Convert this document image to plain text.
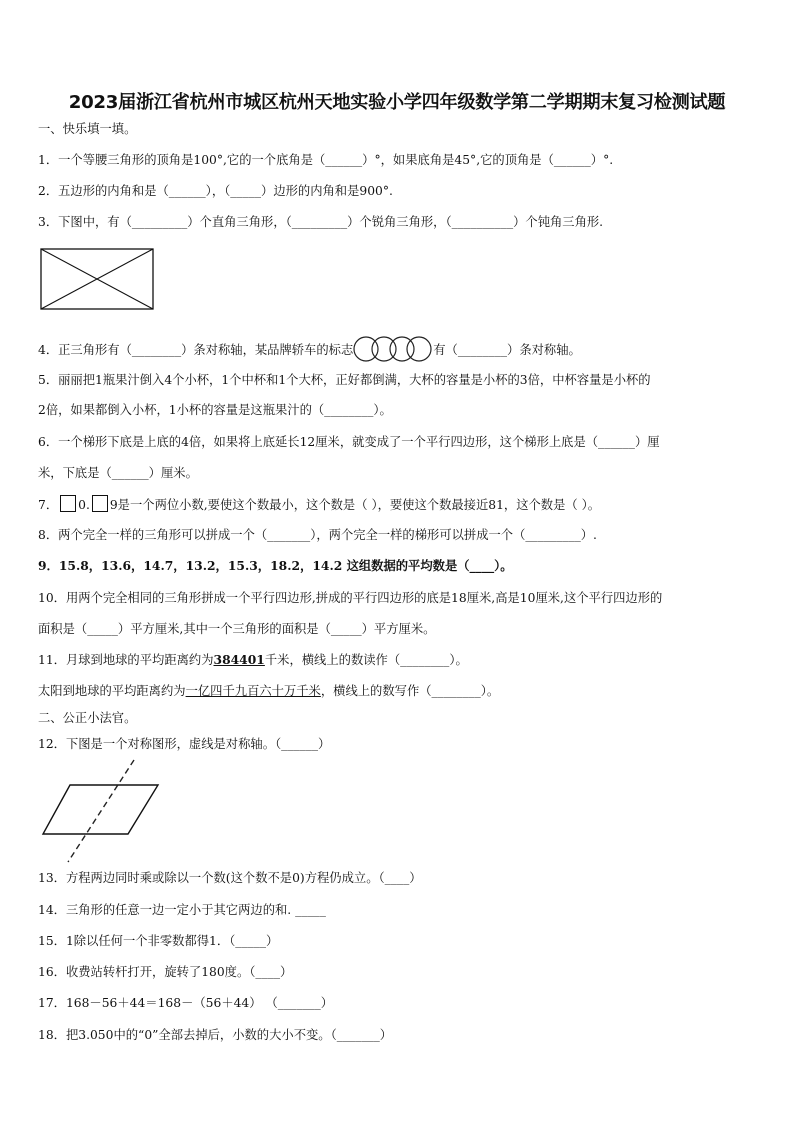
2023届浙江省杭州市城区杭州天地实验小学四年级数学第二学期期末复习检测试题
一、快乐填一填。
1．一个等腰三角形的顶角是100°,它的一个底角是（______）°，如果底角是45°,它的顶角是（______）°.
2．五边形的内角和是（______），（_____）边形的内角和是900°.
3．下图中，有（_________）个直角三角形，（_________）个锐角三角形，（__________）个钝角三角形.
4．正三角形有（________）条对称轴，某品牌轿车的标志	有（________）条对称轴。
5．丽丽把1瓶果汁倒入4个小杯，1个中杯和1个大杯，正好都倒满，大杯的容量是小杯的3倍，中杯容量是小杯的
2倍，如果都倒入小杯，1小杯的容量是这瓶果汁的（________）。
6．一个梯形下底是上底的4倍，如果将上底延长12厘米，就变成了一个平行四边形，这个梯形上底是（______）厘
米，下底是（______）厘米。
7． 0. 9是一个两位小数,要使这个数最小，这个数是（ ），要使这个数最接近81，这个数是（ ）。
8．两个完全一样的三角形可以拼成一个（_______），两个完全一样的梯形可以拼成一个（_________）.
9．15.8，13.6，14.7，13.2，15.3，18.2，14.2 这组数据的平均数是（____）。
10．用两个完全相同的三角形拼成一个平行四边形,拼成的平行四边形的底是18厘米,高是10厘米,这个平行四边形的
面积是（_____）平方厘米,其中一个三角形的面积是（_____）平方厘米。
11．月球到地球的平均距离约为384401千米，横线上的数读作（________）。
太阳到地球的平均距离约为一亿四千九百六十万千米，横线上的数写作（________）。
二、公正小法官。
12．下图是一个对称图形，虚线是对称轴。（______）
13．方程两边同时乘或除以一个数(这个数不是0)方程仍成立。（____）
14．三角形的任意一边一定小于其它两边的和. _____
15．1除以任何一个非零数都得1．（_____）
16．收费站转杆打开，旋转了180度。（____）
17．168－56＋44＝168－（56＋44） （_______）
18．把3.050中的“0”全部去掉后，小数的大小不变。（_______）
